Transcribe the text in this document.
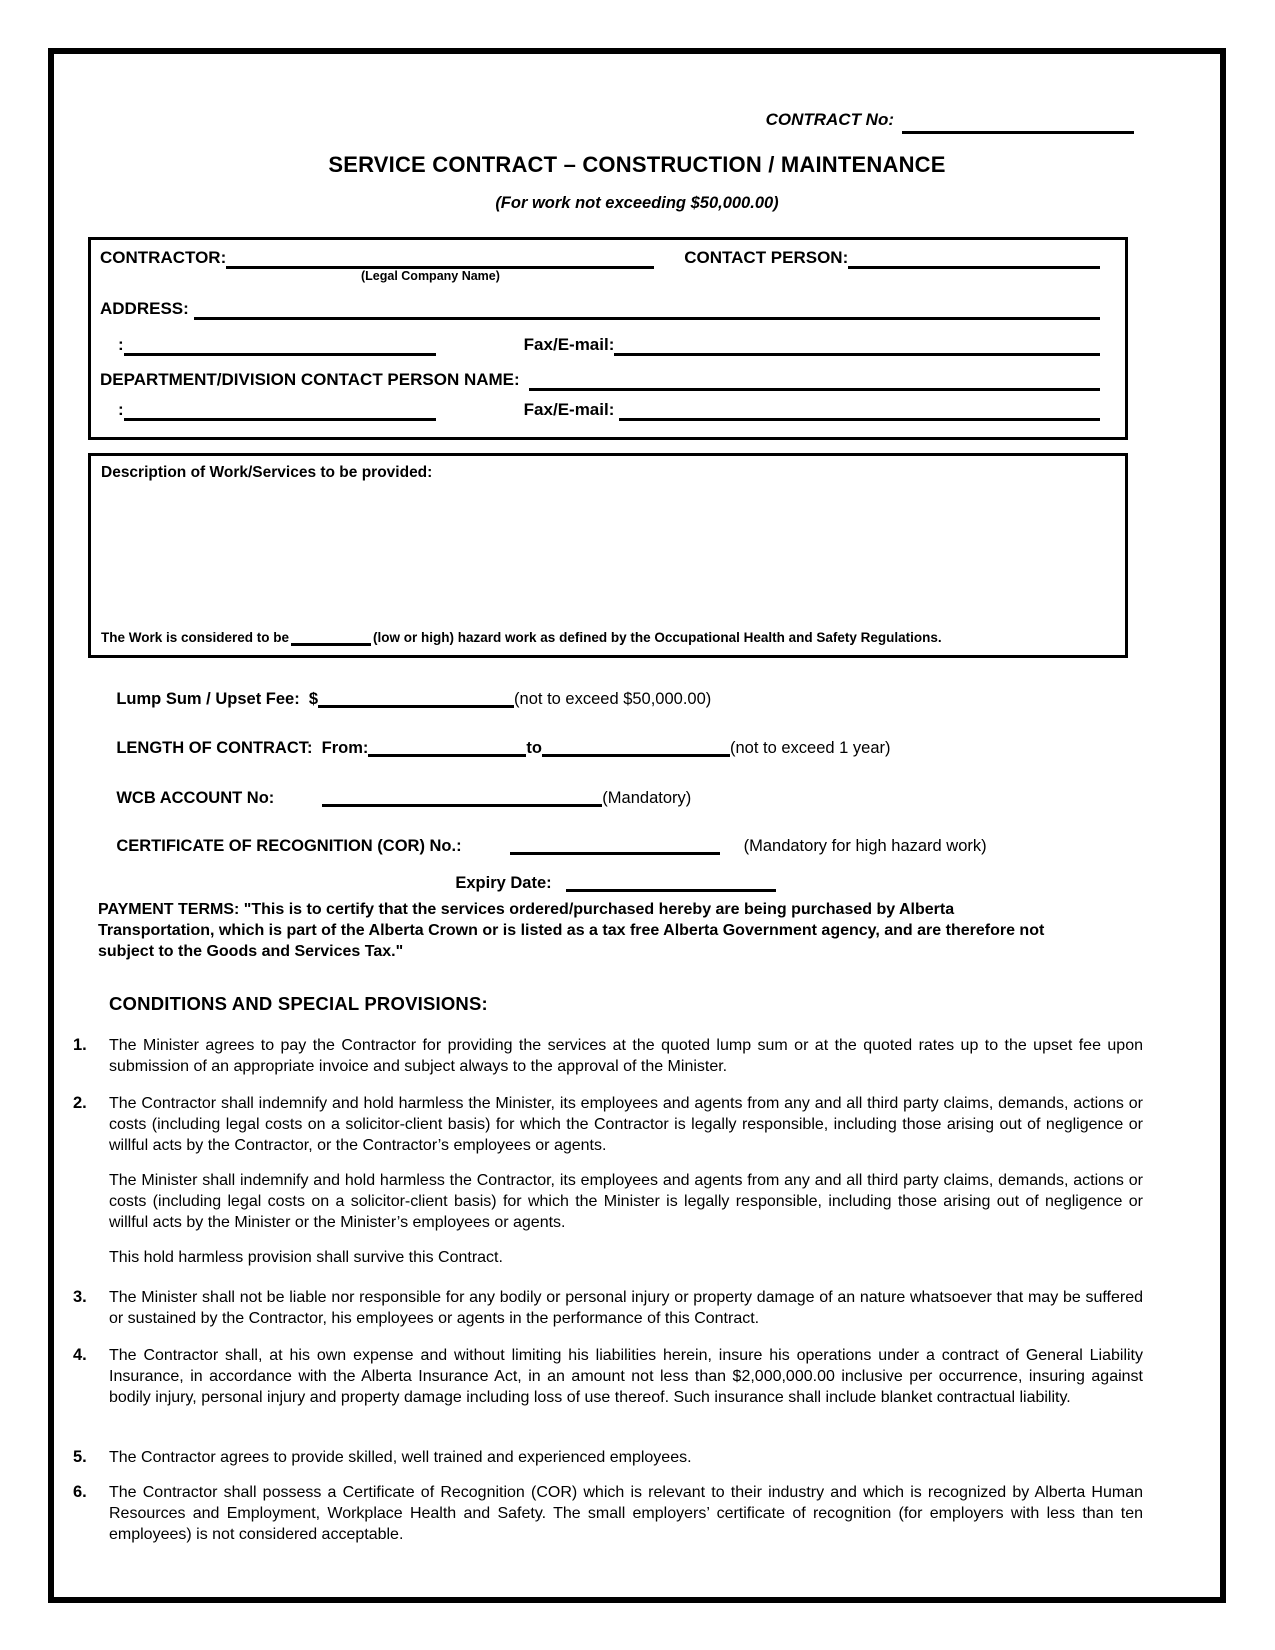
CONTRACT No:
SERVICE CONTRACT – CONSTRUCTION / MAINTENANCE
(For work not exceeding $50,000.00)
CONTRACTOR:	CONTACT PERSON:
(Legal Company Name)
ADDRESS:
:	Fax/E-mail:
DEPARTMENT/DIVISION CONTACT PERSON NAME:
:	Fax/E-mail:
Description of Work/Services to be provided:
The Work is considered to be	(low or high) hazard work as defined by the Occupational Health and Safety Regulations.

Lump Sum / Upset Fee:  $	(not to exceed $50,000.00)

LENGTH OF CONTRACT:  From:	to	(not to exceed 1 year)

WCB ACCOUNT No:	(Mandatory)

CERTIFICATE OF RECOGNITION (COR) No.:	(Mandatory for high hazard work)

Expiry Date:

PAYMENT TERMS: "This is to certify that the services ordered/purchased hereby are being purchased by Alberta Transportation, which is part of the Alberta Crown or is listed as a tax free Alberta Government agency, and are therefore not subject to the Goods and Services Tax."
CONDITIONS AND SPECIAL PROVISIONS:
1.	The Minister agrees to pay the Contractor for providing the services at the quoted lump sum or at the quoted rates up to the upset fee upon submission of an appropriate invoice and subject always to the approval of the Minister.

2.	The Contractor shall indemnify and hold harmless the Minister, its employees and agents from any and all third party claims, demands, actions or costs (including legal costs on a solicitor-client basis) for which the Contractor is legally responsible, including those arising out of negligence or willful acts by the Contractor, or the Contractor’s employees or agents.

The Minister shall indemnify and hold harmless the Contractor, its employees and agents from any and all third party claims, demands, actions or costs (including legal costs on a solicitor-client basis) for which the Minister is legally responsible, including those arising out of negligence or willful acts by the Minister or the Minister’s employees or agents.

This hold harmless provision shall survive this Contract.

3.	The Minister shall not be liable nor responsible for any bodily or personal injury or property damage of an nature whatsoever that may be suffered or sustained by the Contractor, his employees or agents in the performance of this Contract.

4.	The Contractor shall, at his own expense and without limiting his liabilities herein, insure his operations under a contract of General Liability Insurance, in accordance with the Alberta Insurance Act, in an amount not less than $2,000,000.00 inclusive per occurrence, insuring against bodily injury, personal injury and property damage including loss of use thereof. Such insurance shall include blanket contractual liability.

5.	The Contractor agrees to provide skilled, well trained and experienced employees.

6.	The Contractor shall possess a Certificate of Recognition (COR) which is relevant to their industry and which is recognized by Alberta Human Resources and Employment, Workplace Health and Safety. The small employers’ certificate of recognition (for employers with less than ten employees) is not considered acceptable.
